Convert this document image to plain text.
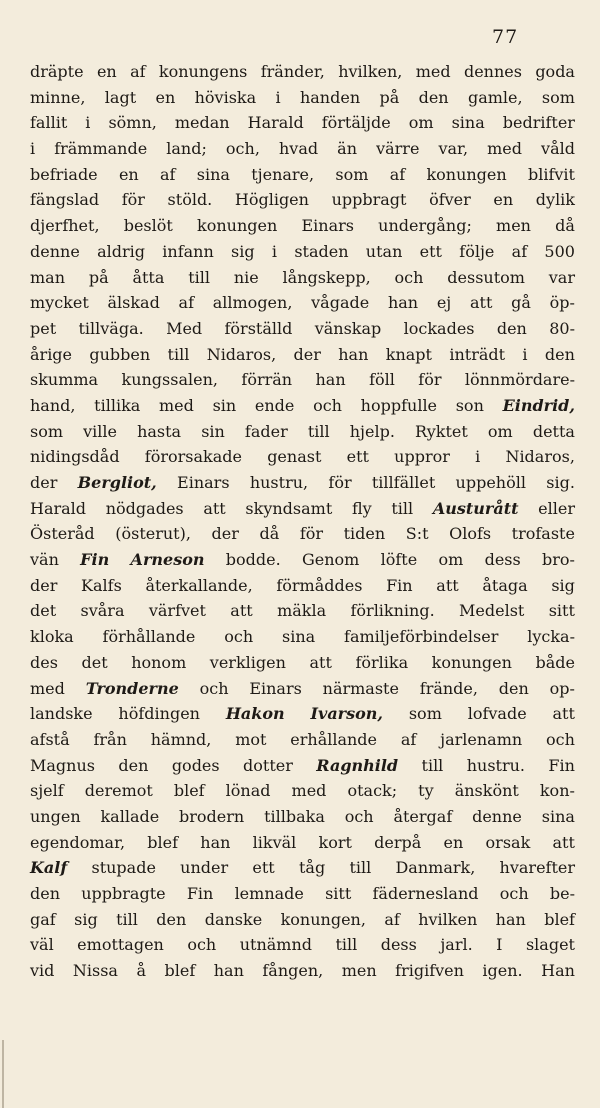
77
dräpte en af konungens fränder, hvilken, med dennes goda
minne, lagt en höviska i handen på den gamle, som
fallit i sömn, medan Harald förtäljde om sina bedrifter
i främmande land; och, hvad än värre var, med våld
befriade en af sina tjenare, som af konungen blifvit
fängslad för stöld. Högligen uppbragt öfver en dylik
djerfhet, beslöt konungen Einars undergång; men då
denne aldrig infann sig i staden utan ett följe af 500
man på åtta till nie långskepp, och dessutom var
mycket älskad af allmogen, vågade han ej att gå öp-
pet tillväga. Med förställd vänskap lockades den 80-
årige gubben till Nidaros, der han knapt inträdt i den
skumma kungssalen, förrän han föll för lönnmördare-
hand, tillika med sin ende och hoppfulle son Eindrid,
som ville hasta sin fader till hjelp. Ryktet om detta
nidingsdåd förorsakade genast ett uppror i Nidaros,
der Bergliot, Einars hustru, för tillfället uppehöll sig.
Harald nödgades att skyndsamt fly till Austurått eller
Österåd (österut), der då för tiden S:t Olofs trofaste
vän Fin Arneson bodde. Genom löfte om dess bro-
der Kalfs återkallande, förmåddes Fin att åtaga sig
det svåra värfvet att mäkla förlikning. Medelst sitt
kloka förhållande och sina familjeförbindelser lycka-
des det honom verkligen att förlika konungen både
med Tronderne och Einars närmaste frände, den op-
landske höfdingen Hakon Ivarson, som lofvade att
afstå från hämnd, mot erhållande af jarlenamn och
Magnus den godes dotter Ragnhild till hustru. Fin
sjelf deremot blef lönad med otack; ty änskönt kon-
ungen kallade brodern tillbaka och återgaf denne sina
egendomar, blef han likväl kort derpå en orsak att
Kalf stupade under ett tåg till Danmark, hvarefter
den uppbragte Fin lemnade sitt fädernesland och be-
gaf sig till den danske konungen, af hvilken han blef
väl emottagen och utnämnd till dess jarl. I slaget
vid Nissa å blef han fången, men frigifven igen. Han
